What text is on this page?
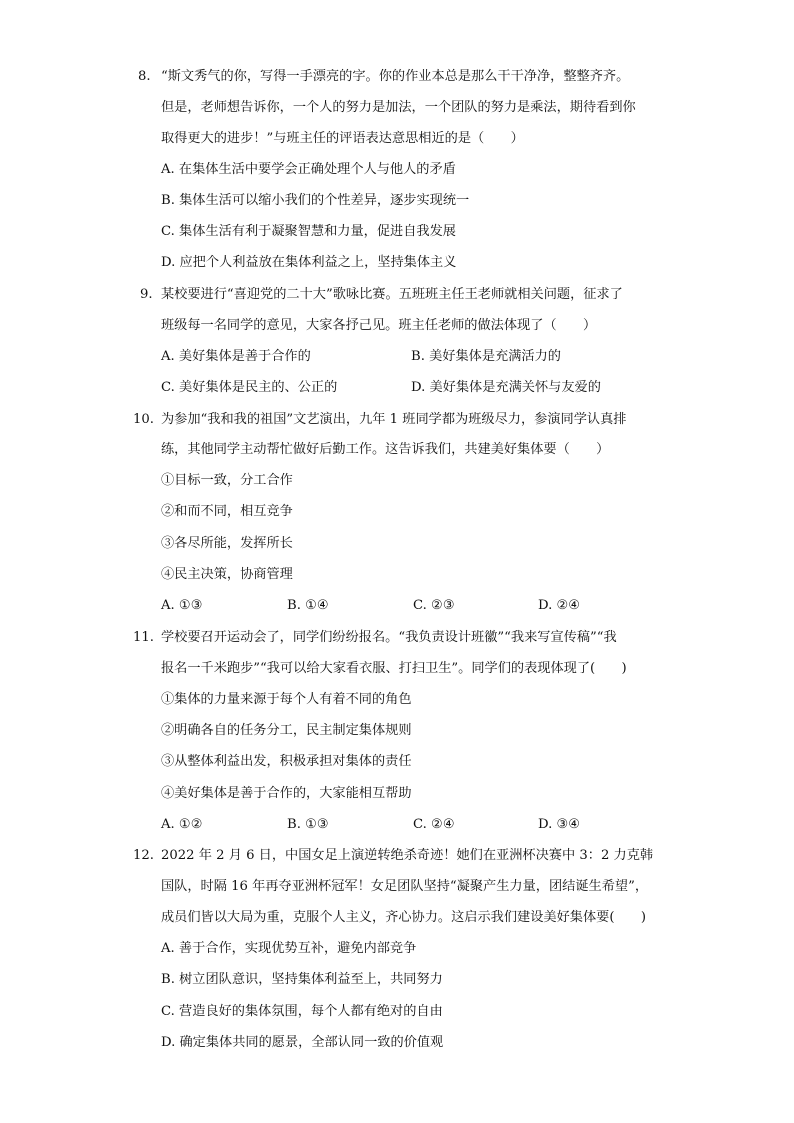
8. “斯文秀气的你，写得一手漂亮的字。你的作业本总是那么干干净净，整整齐齐。
但是，老师想告诉你，一个人的努力是加法，一个团队的努力是乘法，期待看到你
取得更大的进步！”与班主任的评语表达意思相近的是（　　）
A. 在集体生活中要学会正确处理个人与他人的矛盾
B. 集体生活可以缩小我们的个性差异，逐步实现统一
C. 集体生活有利于凝聚智慧和力量，促进自我发展
D. 应把个人利益放在集体利益之上，坚持集体主义
9. 某校要进行“喜迎党的二十大”歌咏比赛。五班班主任王老师就相关问题，征求了
班级每一名同学的意见，大家各抒己见。班主任老师的做法体现了（　　）
A. 美好集体是善于合作的	B. 美好集体是充满活力的
C. 美好集体是民主的、公正的	D. 美好集体是充满关怀与友爱的
10. 为参加“我和我的祖国”文艺演出，九年 1 班同学都为班级尽力，参演同学认真排
练，其他同学主动帮忙做好后勤工作。这告诉我们，共建美好集体要（　　）
①目标一致，分工合作
②和而不同，相互竞争
③各尽所能，发挥所长
④民主决策，协商管理
A. ①③	B. ①④	C. ②③	D. ②④
11. 学校要召开运动会了，同学们纷纷报名。“我负责设计班徽”“我来写宣传稿”“我
报名一千米跑步”“我可以给大家看衣服、打扫卫生”。同学们的表现体现了(　　)
①集体的力量来源于每个人有着不同的角色
②明确各自的任务分工，民主制定集体规则
③从整体利益出发，积极承担对集体的责任
④美好集体是善于合作的，大家能相互帮助
A. ①②	B. ①③	C. ②④	D. ③④
12. 2022 年 2 月 6 日，中国女足上演逆转绝杀奇迹！她们在亚洲杯决赛中 3：2 力克韩
国队，时隔 16 年再夺亚洲杯冠军！女足团队坚持“凝聚产生力量，团结诞生希望”，
成员们皆以大局为重，克服个人主义，齐心协力。这启示我们建设美好集体要(　　)
A. 善于合作，实现优势互补，避免内部竞争
B. 树立团队意识，坚持集体利益至上，共同努力
C. 营造良好的集体氛围，每个人都有绝对的自由
D. 确定集体共同的愿景，全部认同一致的价值观
